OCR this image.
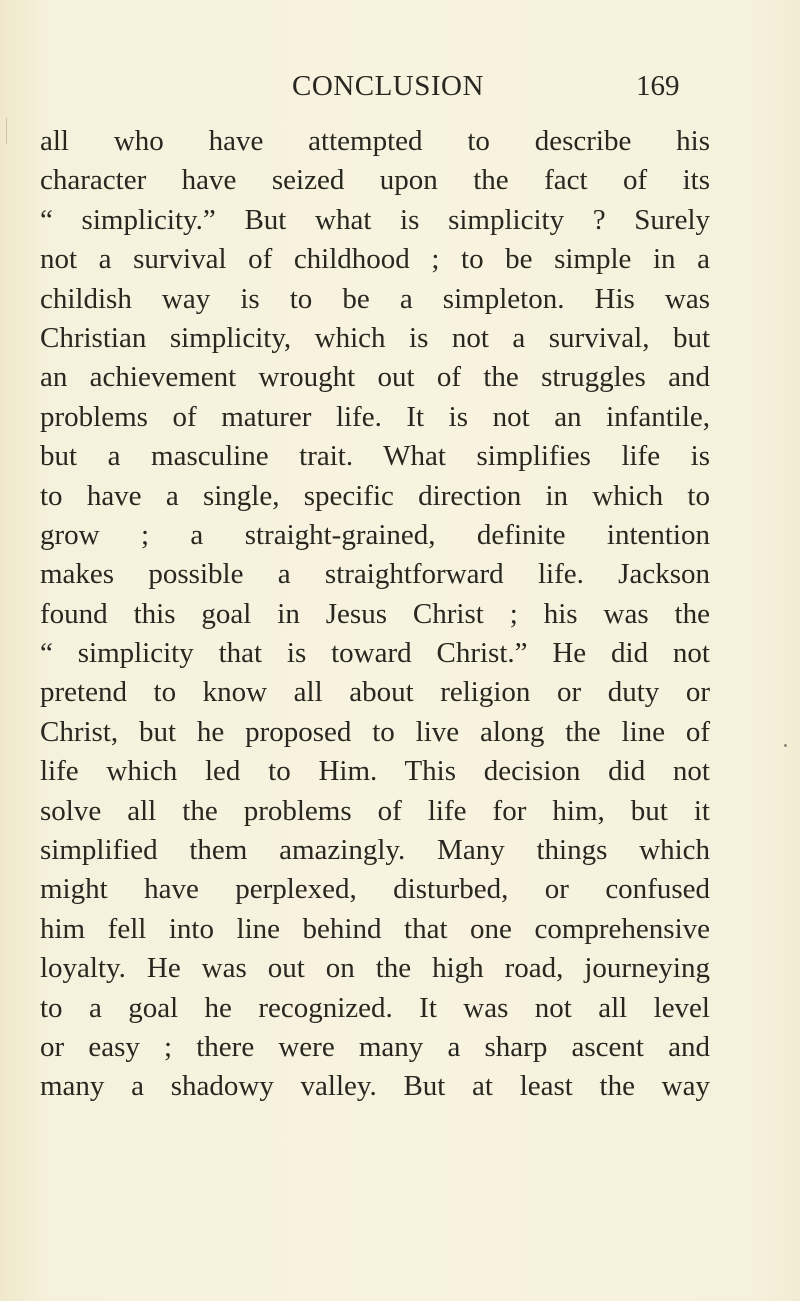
CONCLUSION	169
all who have attempted to describe his
character have seized upon the fact of its
“ simplicity.” But what is simplicity ? Surely
not a survival of childhood ; to be simple in a
childish way is to be a simpleton. His was
Christian simplicity, which is not a survival, but
an achievement wrought out of the struggles and
problems of maturer life. It is not an infantile,
but a masculine trait. What simplifies life is
to have a single, specific direction in which to
grow ; a straight-grained, definite intention
makes possible a straightforward life. Jackson
found this goal in Jesus Christ ; his was the
“ simplicity that is toward Christ.” He did not
pretend to know all about religion or duty or
Christ, but he proposed to live along the line of
life which led to Him. This decision did not
solve all the problems of life for him, but it
simplified them amazingly. Many things which
might have perplexed, disturbed, or confused
him fell into line behind that one comprehensive
loyalty. He was out on the high road, journeying
to a goal he recognized. It was not all level
or easy ; there were many a sharp ascent and
many a shadowy valley. But at least the way
